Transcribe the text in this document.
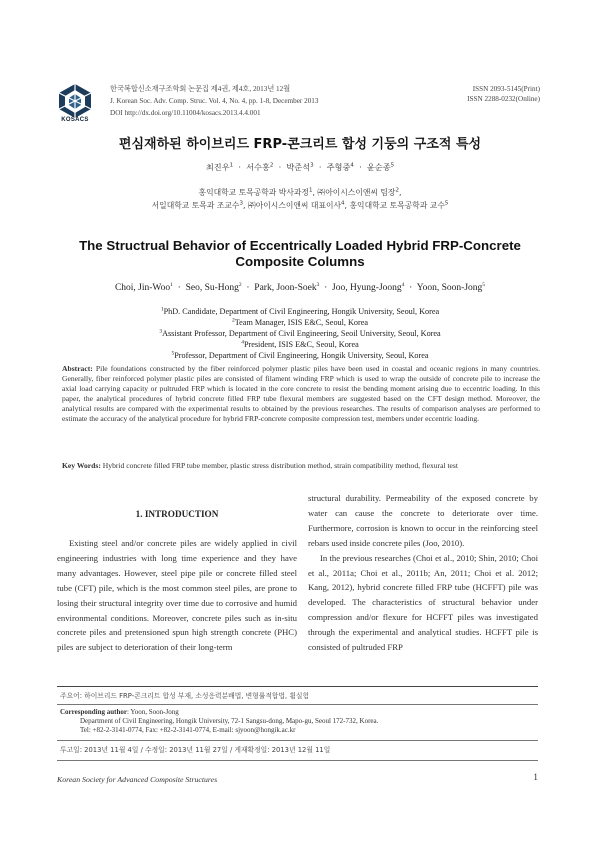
KOSACS
한국복합신소재구조학회 논문집 제4권, 제4호, 2013년 12월
J. Korean Soc. Adv. Comp. Struc. Vol. 4, No. 4, pp. 1-8, December 2013
DOI http://dx.doi.org/10.11004/kosacs.2013.4.4.001
ISSN 2093-5145(Print)
ISSN 2288-0232(Online)
편심재하된 하이브리드 FRP-콘크리트 합성 기둥의 구조적 특성
최진우$^1$  ·  서수홍$^2$  ·  박준석$^3$  ·  주형중$^4$  ·  윤순종$^5$
홍익대학교 토목공학과 박사과정$^1$, ㈜아이시스이앤씨 팀장$^2$,
서일대학교 토목과 조교수$^3$, ㈜아이시스이앤씨 대표이사$^4$, 홍익대학교 토목공학과 교수$^5$
The Structrual Behavior of Eccentrically Loaded Hybrid FRP-Concrete
Composite Columns
Choi, Jin-Woo$^1$  ·  Seo, Su-Hong$^2$  ·  Park, Joon-Soek$^3$  ·  Joo, Hyung-Joong$^4$  ·  Yoon, Soon-Jong$^5$
$^1$PhD. Candidate, Department of Civil Engineering, Hongik University, Seoul, Korea
$^2$Team Manager, ISIS E&C, Seoul, Korea
$^3$Assistant Professor, Department of Civil Engineering, Seoil University, Seoul, Korea
$^4$President, ISIS E&C, Seoul, Korea
$^5$Professor, Department of Civil Engineering, Hongik University, Seoul, Korea
Abstract: Pile foundations constructed by the fiber reinforced polymer plastic piles have been used in coastal and oceanic regions in many countries. Generally, fiber reinforced polymer plastic piles are consisted of filament winding FRP which is used to wrap the outside of concrete pile to increase the axial load carrying capacity or pultruded FRP which is located in the core concrete to resist the bending moment arising due to eccentric loading. In this paper, the analytical procedures of hybrid concrete filled FRP tube flexural members are suggested based on the CFT design method. Moreover, the analytical results are compared with the experimental results to obtained by the previous researches. The results of comparison analyses are performed to estimate the accuracy of the analytical procedure for hybrid FRP-concrete composite compression test, members under eccentric loading.
Key Words: Hybrid concrete filled FRP tube member, plastic stress distribution method, strain compatibility method, flexural test
1. INTRODUCTION

Existing steel and/or concrete piles are widely applied in civil engineering industries with long time experience and they have many advantages. However, steel pipe pile or concrete filled steel tube (CFT) pile, which is the most common steel piles, are prone to losing their structural integrity over time due to corrosive and humid environmental conditions. Moreover, concrete piles such as in-situ concrete piles and pretensioned spun high strength concrete (PHC) piles are subject to deterioration of their long-term

structural durability. Permeability of the exposed concrete by water can cause the concrete to deteriorate over time. Furthermore, corrosion is known to occur in the reinforcing steel rebars used inside concrete piles (Joo, 2010).

In the previous researches (Choi et al., 2010; Shin, 2010; Choi et al., 2011a; Choi et al., 2011b; An, 2011; Choi et al. 2012; Kang, 2012), hybrid concrete filled FRP tube (HCFFT) pile was developed. The characteristics of structural behavior under compression and/or flexure for HCFFT piles was investigated through the experimental and analytical studies. HCFFT pile is consisted of pultruded FRP

주요어: 하이브리드 FRP-콘크리트 합성 부재, 소성응력분배법, 변형률적합법, 휨실험
Corresponding author: Yoon, Soon-Jong
Department of Civil Engineering, Hongik University, 72-1 Sangsu-dong, Mapo-gu, Seoul 172-732, Korea.
Tel: +82-2-3141-0774, Fax: +82-2-3141-0774, E-mail: sjyoon@hongik.ac.kr
투고일: 2013년 11월 4일 / 수정일: 2013년 11월 27일 / 게재확정일: 2013년 12월 11일
Korean Society for Advanced Composite Structures	1
